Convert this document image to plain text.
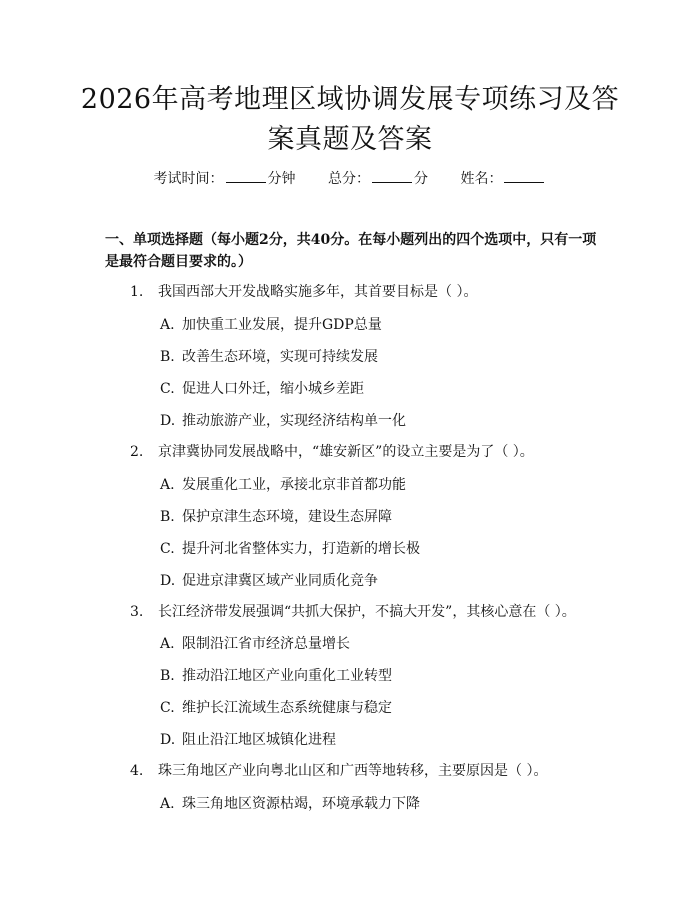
2026年高考地理区域协调发展专项练习及答案真题及答案
考试时间：	分钟 总分：	分 姓名：
一、单项选择题（每小题2分，共40分。在每小题列出的四个选项中，只有一项是最符合题目要求的。）
1. 我国西部大开发战略实施多年，其首要目标是（ ）。
A. 加快重工业发展，提升GDP总量
B. 改善生态环境，实现可持续发展
C. 促进人口外迁，缩小城乡差距
D. 推动旅游产业，实现经济结构单一化
2. 京津冀协同发展战略中，“雄安新区”的设立主要是为了（ ）。
A. 发展重化工业，承接北京非首都功能
B. 保护京津生态环境，建设生态屏障
C. 提升河北省整体实力，打造新的增长极
D. 促进京津冀区域产业同质化竞争
3. 长江经济带发展强调“共抓大保护，不搞大开发”，其核心意在（ ）。
A. 限制沿江省市经济总量增长
B. 推动沿江地区产业向重化工业转型
C. 维护长江流域生态系统健康与稳定
D. 阻止沿江地区城镇化进程
4. 珠三角地区产业向粤北山区和广西等地转移，主要原因是（ ）。
A. 珠三角地区资源枯竭，环境承载力下降
